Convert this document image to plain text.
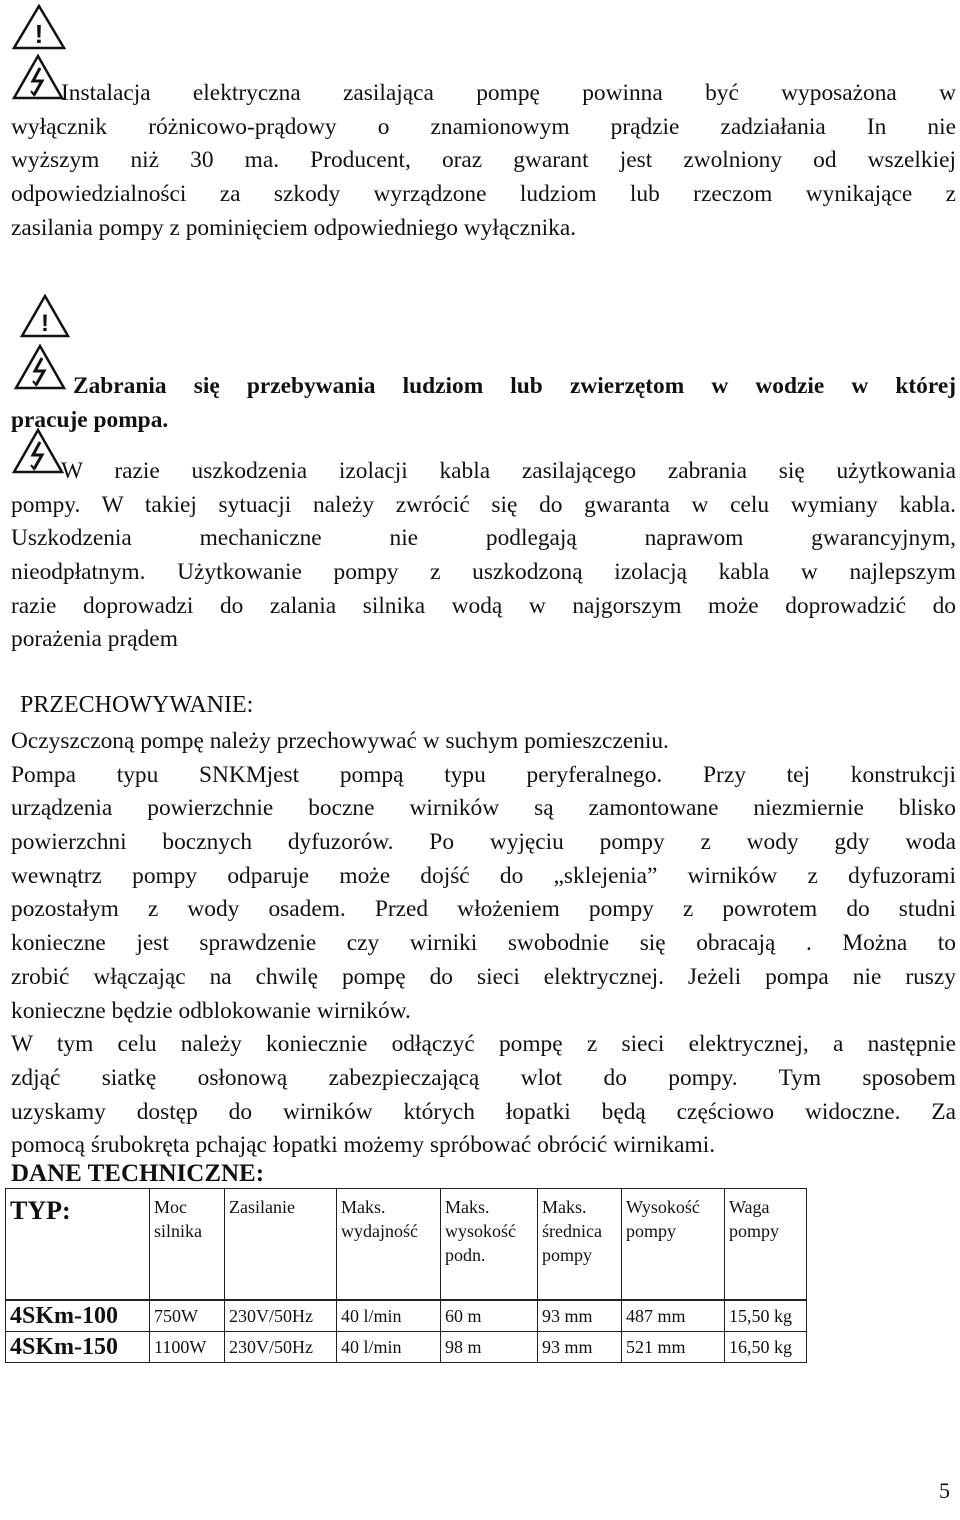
!
Instalacja elektryczna zasilająca pompę powinna być wyposażona w
wyłącznik różnicowo-prądowy o znamionowym prądzie zadziałania In nie
wyższym niż 30 ma. Producent, oraz gwarant jest zwolniony od wszelkiej
odpowiedzialności za szkody wyrządzone ludziom lub rzeczom wynikające z
zasilania pompy z pominięciem odpowiedniego wyłącznika.
!
Zabrania się przebywania ludziom lub zwierzętom w wodzie w której
pracuje pompa.
W razie uszkodzenia izolacji kabla zasilającego zabrania się użytkowania
pompy. W takiej sytuacji należy zwrócić się do gwaranta w celu wymiany kabla.
Uszkodzenia mechaniczne nie podlegają naprawom gwarancyjnym,
nieodpłatnym. Użytkowanie pompy z uszkodzoną izolacją kabla w najlepszym
razie doprowadzi do zalania silnika wodą w najgorszym może doprowadzić do
porażenia prądem
PRZECHOWYWANIE:
Oczyszczoną pompę należy przechowywać w suchym pomieszczeniu.
Pompa typu SNKMjest pompą typu peryferalnego. Przy tej konstrukcji
urządzenia powierzchnie boczne wirników są zamontowane niezmiernie blisko
powierzchni bocznych dyfuzorów. Po wyjęciu pompy z wody gdy woda
wewnątrz pompy odparuje może dojść do „sklejenia” wirników z dyfuzorami
pozostałym z wody osadem. Przed włożeniem pompy z powrotem do studni
konieczne jest sprawdzenie czy wirniki swobodnie się obracają . Można to
zrobić włączając na chwilę pompę do sieci elektrycznej. Jeżeli pompa nie ruszy
konieczne będzie odblokowanie wirników.
W tym celu należy koniecznie odłączyć pompę z sieci elektrycznej, a następnie
zdjąć siatkę osłonową zabezpieczającą wlot do pompy. Tym sposobem
uzyskamy dostęp do wirników których łopatki będą częściowo widoczne. Za
pomocą śrubokręta pchając łopatki możemy spróbować obrócić wirnikami.
DANE TECHNICZNE:
TYP:	Moc silnika	Zasilanie	Maks. wydajność	Maks. wysokość podn.	Maks. średnica pompy	Wysokość pompy	Waga pompy
4SKm-100	750W	230V/50Hz	40 l/min	60 m	93 mm	487 mm	15,50 kg
4SKm-150	1100W	230V/50Hz	40 l/min	98 m	93 mm	521 mm	16,50 kg
5
